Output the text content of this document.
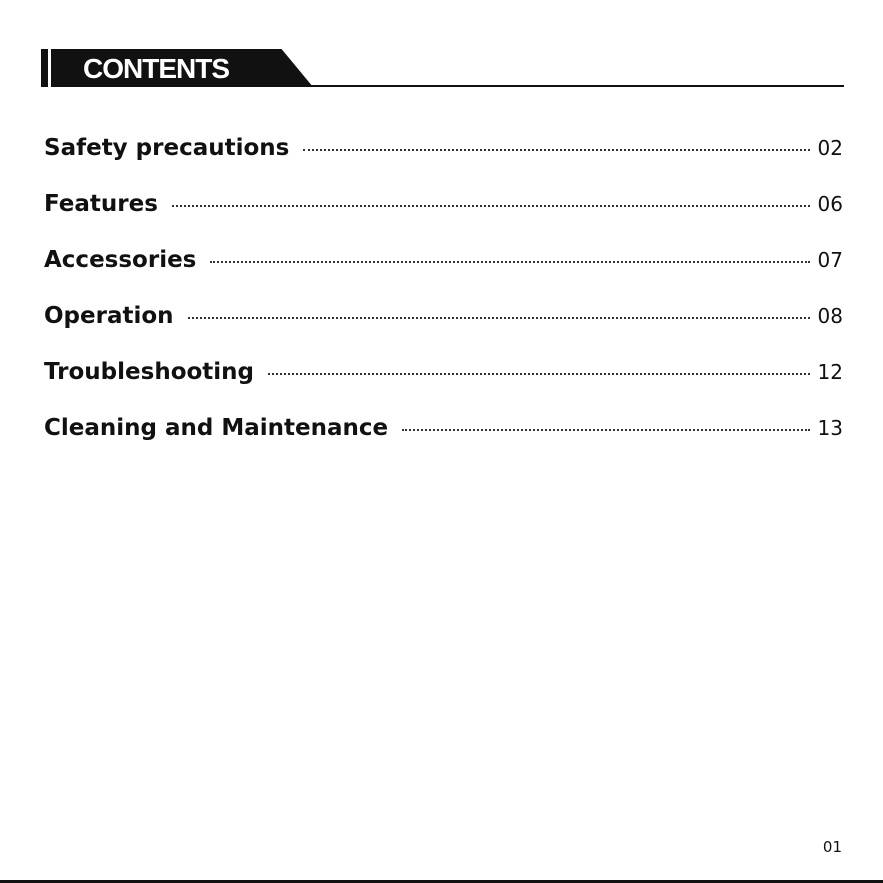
CONTENTS
Safety precautions	02
Features	06
Accessories	07
Operation	08
Troubleshooting	12
Cleaning and Maintenance	13
01
